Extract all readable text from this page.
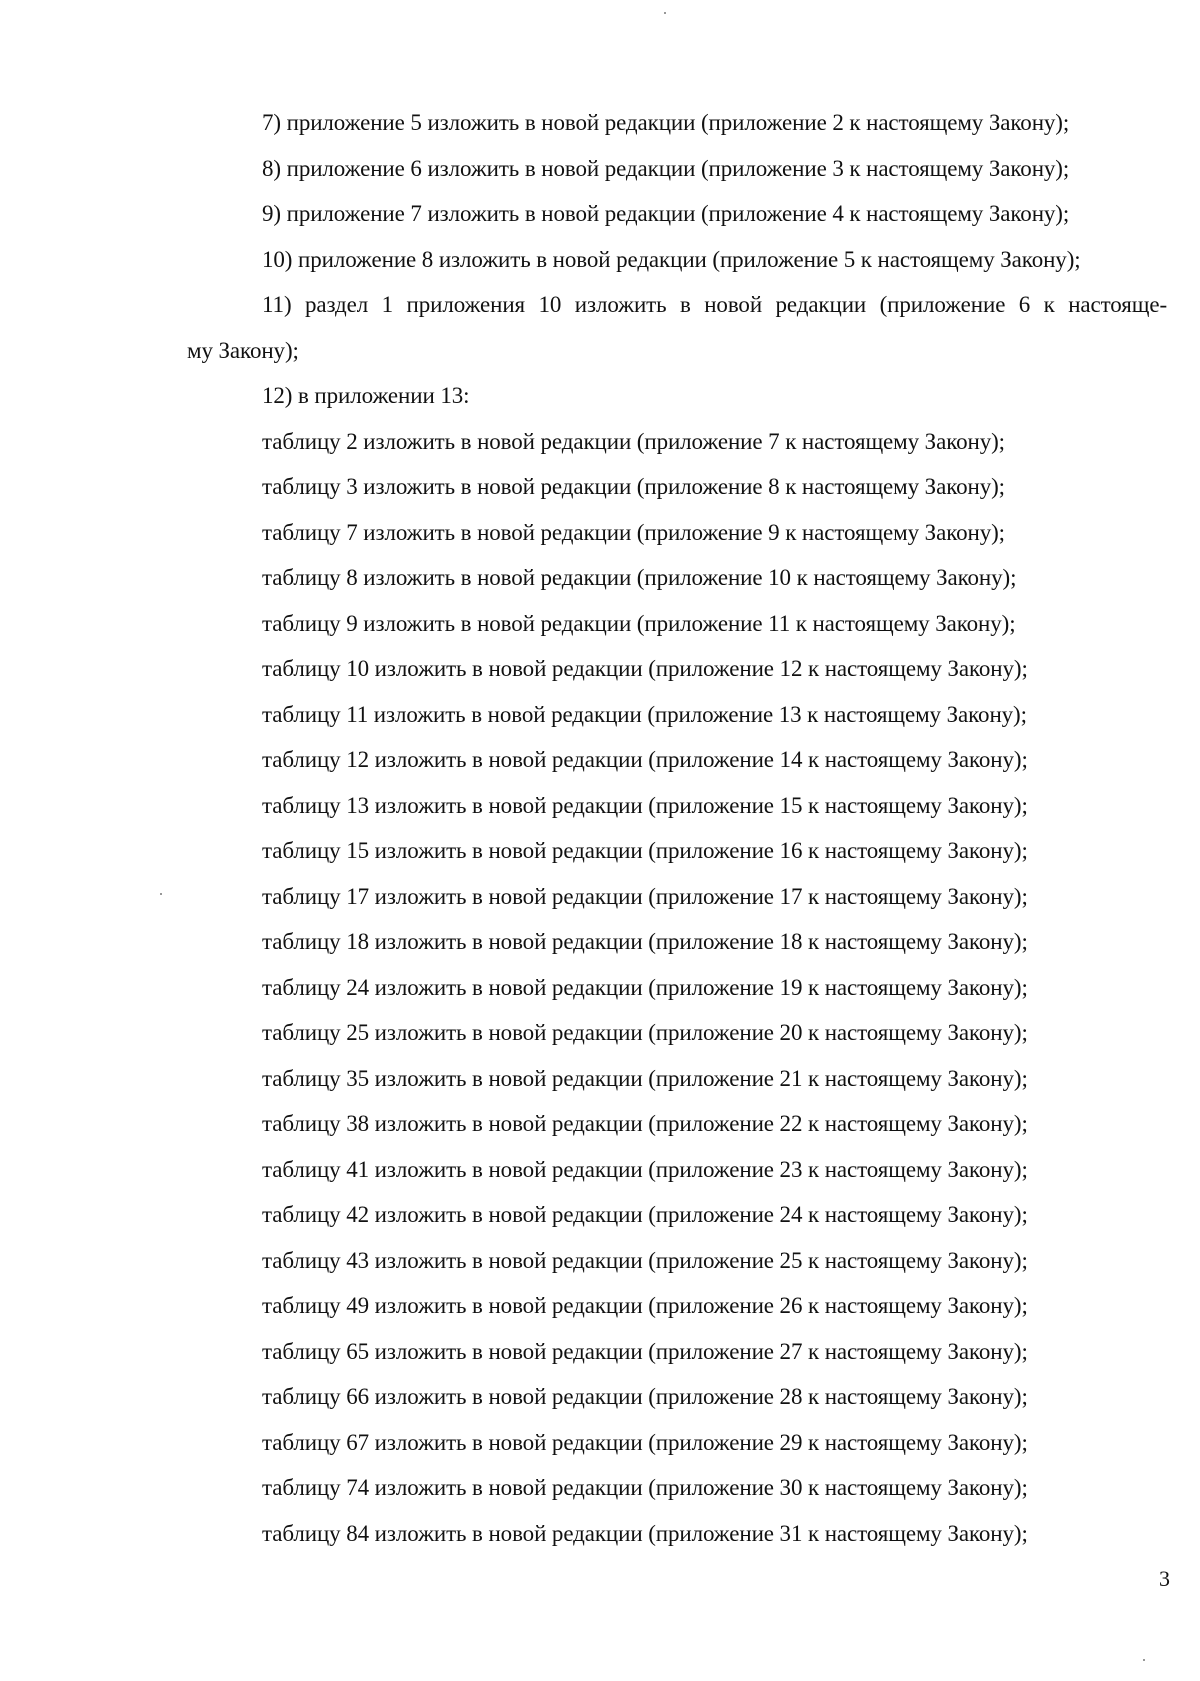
7) приложение 5 изложить в новой редакции (приложение 2 к настоящему Закону);
8) приложение 6 изложить в новой редакции (приложение 3 к настоящему Закону);
9) приложение 7 изложить в новой редакции (приложение 4 к настоящему Закону);
10) приложение 8 изложить в новой редакции (приложение 5 к настоящему Закону);
11) раздел 1 приложения 10 изложить в новой редакции (приложение 6 к настояще-
му Закону);
12) в приложении 13:
таблицу 2 изложить в новой редакции (приложение 7 к настоящему Закону);
таблицу 3 изложить в новой редакции (приложение 8 к настоящему Закону);
таблицу 7 изложить в новой редакции (приложение 9 к настоящему Закону);
таблицу 8 изложить в новой редакции (приложение 10 к настоящему Закону);
таблицу 9 изложить в новой редакции (приложение 11 к настоящему Закону);
таблицу 10 изложить в новой редакции (приложение 12 к настоящему Закону);
таблицу 11 изложить в новой редакции (приложение 13 к настоящему Закону);
таблицу 12 изложить в новой редакции (приложение 14 к настоящему Закону);
таблицу 13 изложить в новой редакции (приложение 15 к настоящему Закону);
таблицу 15 изложить в новой редакции (приложение 16 к настоящему Закону);
таблицу 17 изложить в новой редакции (приложение 17 к настоящему Закону);
таблицу 18 изложить в новой редакции (приложение 18 к настоящему Закону);
таблицу 24 изложить в новой редакции (приложение 19 к настоящему Закону);
таблицу 25 изложить в новой редакции (приложение 20 к настоящему Закону);
таблицу 35 изложить в новой редакции (приложение 21 к настоящему Закону);
таблицу 38 изложить в новой редакции (приложение 22 к настоящему Закону);
таблицу 41 изложить в новой редакции (приложение 23 к настоящему Закону);
таблицу 42 изложить в новой редакции (приложение 24 к настоящему Закону);
таблицу 43 изложить в новой редакции (приложение 25 к настоящему Закону);
таблицу 49 изложить в новой редакции (приложение 26 к настоящему Закону);
таблицу 65 изложить в новой редакции (приложение 27 к настоящему Закону);
таблицу 66 изложить в новой редакции (приложение 28 к настоящему Закону);
таблицу 67 изложить в новой редакции (приложение 29 к настоящему Закону);
таблицу 74 изложить в новой редакции (приложение 30 к настоящему Закону);
таблицу 84 изложить в новой редакции (приложение 31 к настоящему Закону);
3
